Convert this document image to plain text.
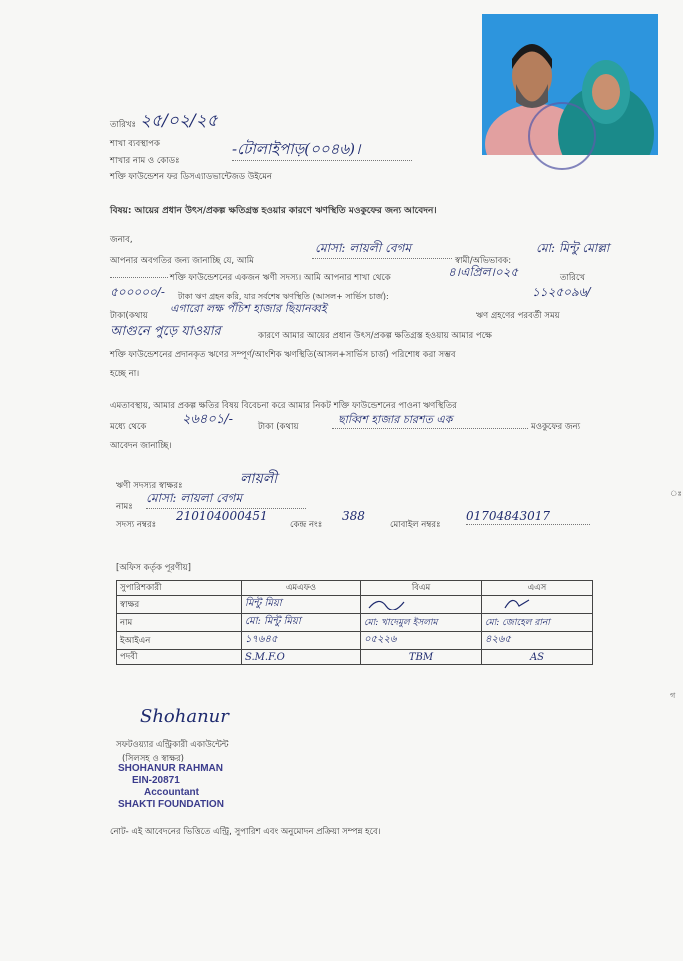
তারিখঃ ২৫/০২/২৫
শাখা ব্যবস্থাপক
শাখার নাম ও কোডঃ
-টোলাইপাড়(০০৪৬)।
শক্তি ফাউন্ডেশন ফর ডিসএ্যাডভান্টেজড উইমেন
বিষয়: আয়ের প্রধান উৎস/প্রকল্প ক্ষতিগ্রস্ত হওয়ার কারণে ঋণস্থিতি মওকুফের জন্য আবেদন।
জনাব,
আপনার অবগতির জন্য জানাচ্ছি যে, আমি
মোসা: লায়লী বেগম
স্বামী/অভিভাবক:
মো: মিন্টু মোল্লা
শক্তি ফাউন্ডেশনের একজন ঋণী সদস্য। আমি আপনার শাখা থেকে	৪।এপ্রিল।০২৫	তারিখে
৫০০০০০/- টাকা ঋণ গ্রহন করি, যার সর্বশেষ ঋণস্থিতি (আসল+ সার্ভিস চার্জ):	১১২৫০৯৬/
টাকা(কথায়
এগারো লক্ষ পঁচিশ হাজার ছিয়ানব্বই
ঋণ গ্রহণের পরবর্তী সময়
আগুনে পুড়ে যাওয়ার	কারণে আমার আয়ের প্রধান উৎস/প্রকল্প ক্ষতিগ্রস্ত হওয়ায় আমার পক্ষে
শক্তি ফাউন্ডেশনের প্রদানকৃত ঋণের সম্পূর্ণ/আংশিক ঋণস্থিতি(আসল+সার্ভিস চার্জ) পরিশোধ করা সম্ভব
হচ্ছে না।
এমতাবস্থায়, আমার প্রকল্প ক্ষতির বিষয় বিবেচনা করে আমার নিকট শক্তি ফাউন্ডেশনের পাওনা ঋণস্থিতির
মধ্যে থেকে	২৬৪০১/-	টাকা (কথায়
ছাব্বিশ হাজার চারশত এক
মওকুফের জন্য
আবেদন জানাচ্ছি।
ঋণী সদস্যর স্বাক্ষরঃ	লায়লী
নামঃ
মোসা: লায়লা বেগম
সদস্য নম্বরঃ
210104000451
কেন্দ্র নংঃ
388
মোবাইল নম্বরঃ
01704843017
[অফিস কর্তৃক পূরণীয়]
সুপারিশকারী	এমএফও	বিএম	এএস
স্বাক্ষর	মিন্টু মিয়া		
নাম	মো: মিন্টু মিয়া	মো: খাদেমুল ইসলাম	মো: জোহেল রানা
ইআইএন	১৭৬৪৫	০৫২২৬	৪২৬৫
পদবী	S.M.F.O	TBM	AS
Shohanur
সফটওয়্যার এন্ট্রিকারী একাউন্টেন্ট
(সিলসহ ও স্বাক্ষর)
SHOHANUR RAHMAN
EIN-20871
Accountant
SHAKTI FOUNDATION
নোট- এই আবেদনের ভিত্তিতে এন্ট্রি, সুপারিশ এবং অনুমোদন প্রক্রিয়া সম্পন্ন হবে।
ঃ
গ
